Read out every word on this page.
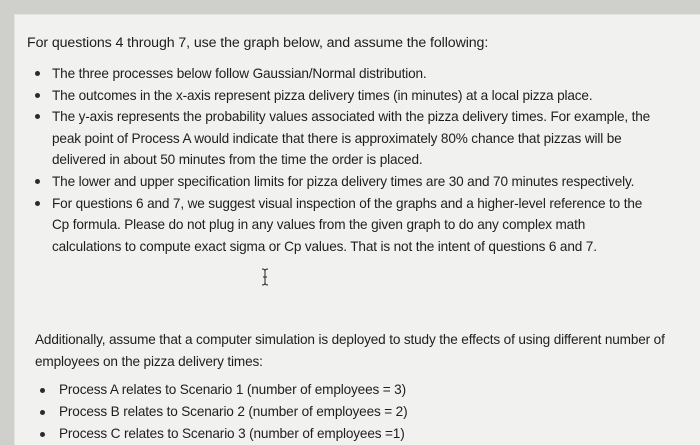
For questions 4 through 7, use the graph below, and assume the following:

The three processes below follow Gaussian/Normal distribution.
The outcomes in the x-axis represent pizza delivery times (in minutes) at a local pizza place.
The y-axis represents the probability values associated with the pizza delivery times. For example, the peak point of Process A would indicate that there is approximately 80% chance that pizzas will be delivered in about 50 minutes from the time the order is placed.
The lower and upper specification limits for pizza delivery times are 30 and 70 minutes respectively.
For questions 6 and 7, we suggest visual inspection of the graphs and a higher-level reference to the Cp formula. Please do not plug in any values from the given graph to do any complex math calculations to compute exact sigma or Cp values. That is not the intent of questions 6 and 7.

Additionally, assume that a computer simulation is deployed to study the effects of using different number of employees on the pizza delivery times:

Process A relates to Scenario 1 (number of employees = 3)
Process B relates to Scenario 2 (number of employees = 2)
Process C relates to Scenario 3 (number of employees =1)
